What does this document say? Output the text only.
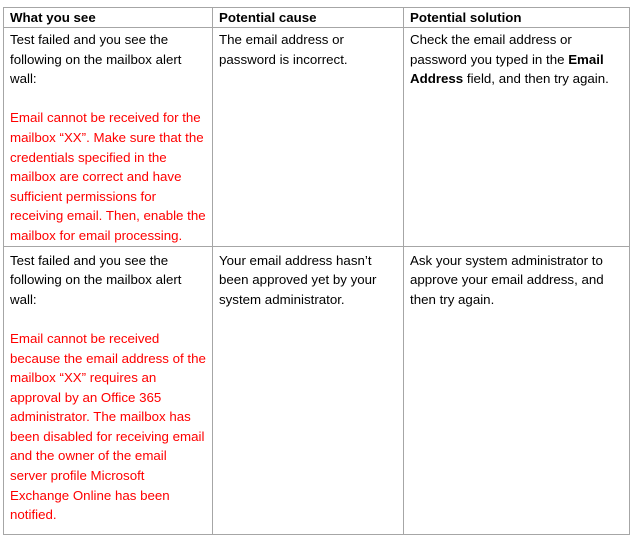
What you see	Potential cause	Potential solution

Test failed and you see the following on the mailbox alert wall:
Email cannot be received for the mailbox “XX”. Make sure that the credentials specified in the mailbox are correct and have sufficient permissions for receiving email. Then, enable the mailbox for email processing.	The email address or password is incorrect.	Check the email address or password you typed in the Email Address field, and then try again.

Test failed and you see the following on the mailbox alert wall:
Email cannot be received because the email address of the mailbox “XX” requires an approval by an Office 365 administrator. The mailbox has been disabled for receiving email and the owner of the email server profile Microsoft Exchange Online has been notified.	Your email address hasn’t been approved yet by your system administrator.	Ask your system administrator to approve your email address, and then try again.
